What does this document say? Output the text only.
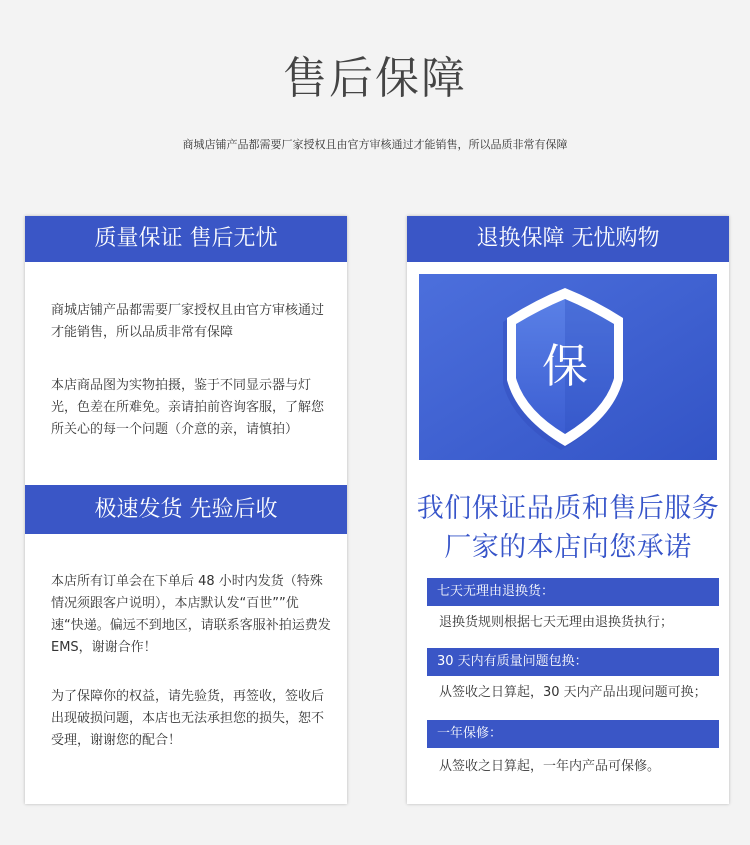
售后保障
商城店铺产品都需要厂家授权且由官方审核通过才能销售，所以品质非常有保障
质量保证 售后无忧
商城店铺产品都需要厂家授权且由官方审核通过才能销售，所以品质非常有保障
本店商品图为实物拍摄，鉴于不同显示器与灯光，色差在所难免。亲请拍前咨询客服，了解您所关心的每一个问题（介意的亲，请慎拍）
极速发货 先验后收
本店所有订单会在下单后 48 小时内发货（特殊情况须跟客户说明），本店默认发“百世””优速“快递。偏远不到地区，请联系客服补拍运费发 EMS，谢谢合作！
为了保障你的权益，请先验货，再签收，签收后出现破损问题，本店也无法承担您的损失，恕不受理，谢谢您的配合！
退换保障 无忧购物
保
我们保证品质和售后服务
厂家的本店向您承诺
七天无理由退换货：
退换货规则根据七天无理由退换货执行；
30 天内有质量问题包换：
从签收之日算起，30 天内产品出现问题可换；
一年保修：
从签收之日算起，一年内产品可保修。
